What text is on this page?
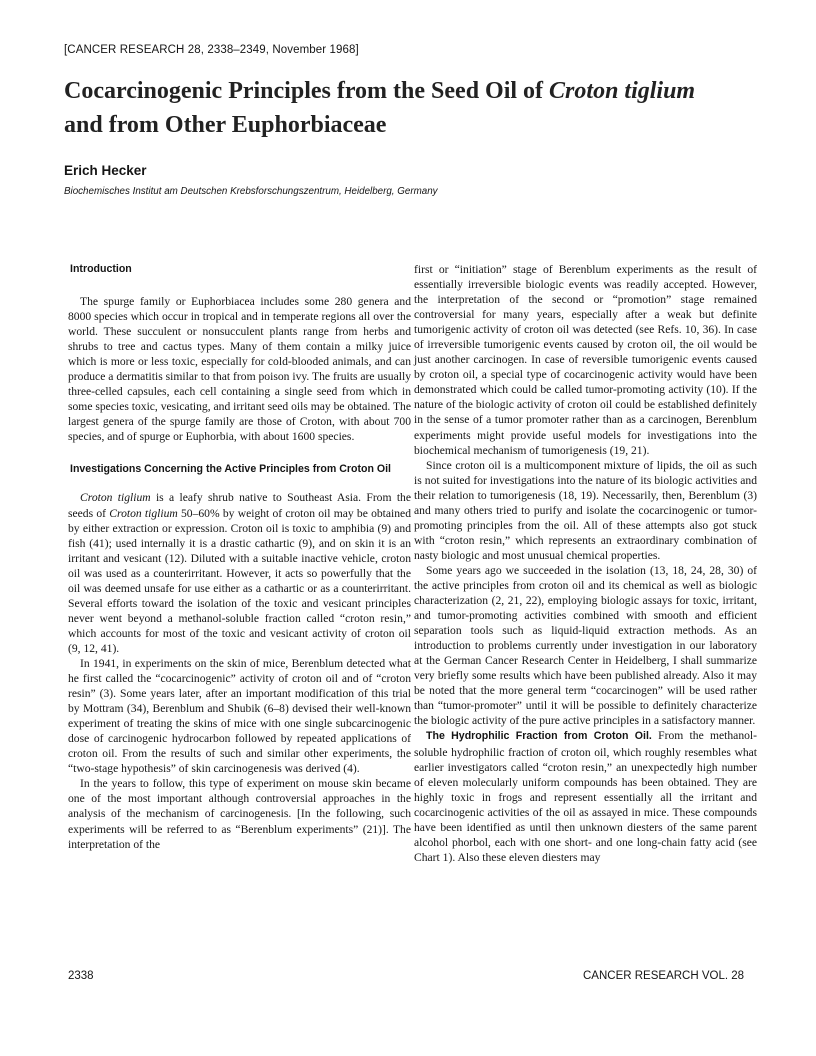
[CANCER RESEARCH 28, 2338–2349, November 1968]
Cocarcinogenic Principles from the Seed Oil of Croton tiglium
and from Other Euphorbiaceae
Erich Hecker
Biochemisches Institut am Deutschen Krebsforschungszentrum, Heidelberg, Germany
Introduction

The spurge family or Euphorbiacea includes some 280 genera and 8000 species which occur in tropical and in temperate regions all over the world. These succulent or nonsucculent plants range from herbs and shrubs to tree and cactus types. Many of them contain a milky juice which is more or less toxic, especially for cold-blooded animals, and can produce a dermatitis similar to that from poison ivy. The fruits are usually three-celled capsules, each cell containing a single seed from which in some species toxic, vesicating, and irritant seed oils may be obtained. The largest genera of the spurge family are those of Croton, with about 700 species, and of spurge or Euphorbia, with about 1600 species.

Investigations Concerning the Active Principles from Croton Oil

Croton tiglium is a leafy shrub native to Southeast Asia. From the seeds of Croton tiglium 50–60% by weight of croton oil may be obtained by either extraction or expression. Croton oil is toxic to amphibia (9) and fish (41); used internally it is a drastic cathartic (9), and on skin it is an irritant and vesicant (12). Diluted with a suitable inactive vehicle, croton oil was used as a counterirritant. However, it acts so powerfully that the oil was deemed unsafe for use either as a cathartic or as a counterirritant. Several efforts toward the isolation of the toxic and vesicant principles never went beyond a methanol-soluble fraction called “croton resin,” which accounts for most of the toxic and vesicant activity of croton oil (9, 12, 41).

In 1941, in experiments on the skin of mice, Berenblum detected what he first called the “cocarcinogenic” activity of croton oil and of “croton resin” (3). Some years later, after an important modification of this trial by Mottram (34), Berenblum and Shubik (6–8) devised their well-known experiment of treating the skins of mice with one single subcarcinogenic dose of carcinogenic hydrocarbon followed by repeated applications of croton oil. From the results of such and similar other experiments, the “two-stage hypothesis” of skin carcinogenesis was derived (4).

In the years to follow, this type of experiment on mouse skin became one of the most important although controversial approaches in the analysis of the mechanism of carcinogenesis. [In the following, such experiments will be referred to as “Berenblum experiments” (21)]. The interpretation of the

first or “initiation” stage of Berenblum experiments as the result of essentially irreversible biologic events was readily accepted. However, the interpretation of the second or “promotion” stage remained controversial for many years, especially after a weak but definite tumorigenic activity of croton oil was detected (see Refs. 10, 36). In case of irreversible tumorigenic events caused by croton oil, the oil would be just another carcinogen. In case of reversible tumorigenic events caused by croton oil, a special type of cocarcinogenic activity would have been demonstrated which could be called tumor-promoting activity (10). If the nature of the biologic activity of croton oil could be established definitely in the sense of a tumor promoter rather than as a carcinogen, Berenblum experiments might provide useful models for investigations into the biochemical mechanism of tumorigenesis (19, 21).

Since croton oil is a multicomponent mixture of lipids, the oil as such is not suited for investigations into the nature of its biologic activities and their relation to tumorigenesis (18, 19). Necessarily, then, Berenblum (3) and many others tried to purify and isolate the cocarcinogenic or tumor-promoting principles from the oil. All of these attempts also got stuck with “croton resin,” which represents an extraordinary combination of nasty biologic and most unusual chemical properties.

Some years ago we succeeded in the isolation (13, 18, 24, 28, 30) of the active principles from croton oil and its chemical as well as biologic characterization (2, 21, 22), employing biologic assays for toxic, irritant, and tumor-promoting activities combined with smooth and efficient separation tools such as liquid-liquid extraction methods. As an introduction to problems currently under investigation in our laboratory at the German Cancer Research Center in Heidelberg, I shall summarize very briefly some results which have been published already. Also it may be noted that the more general term “cocarcinogen” will be used rather than “tumor-promoter” until it will be possible to definitely characterize the biologic activity of the pure active principles in a satisfactory manner.

The Hydrophilic Fraction from Croton Oil. From the methanol-soluble hydrophilic fraction of croton oil, which roughly resembles what earlier investigators called “croton resin,” an unexpectedly high number of eleven molecularly uniform compounds has been obtained. They are highly toxic in frogs and represent essentially all the irritant and cocarcinogenic activities of the oil as assayed in mice. These compounds have been identified as until then unknown diesters of the same parent alcohol phorbol, each with one short- and one long-chain fatty acid (see Chart 1). Also these eleven diesters may

2338	CANCER RESEARCH VOL. 28
